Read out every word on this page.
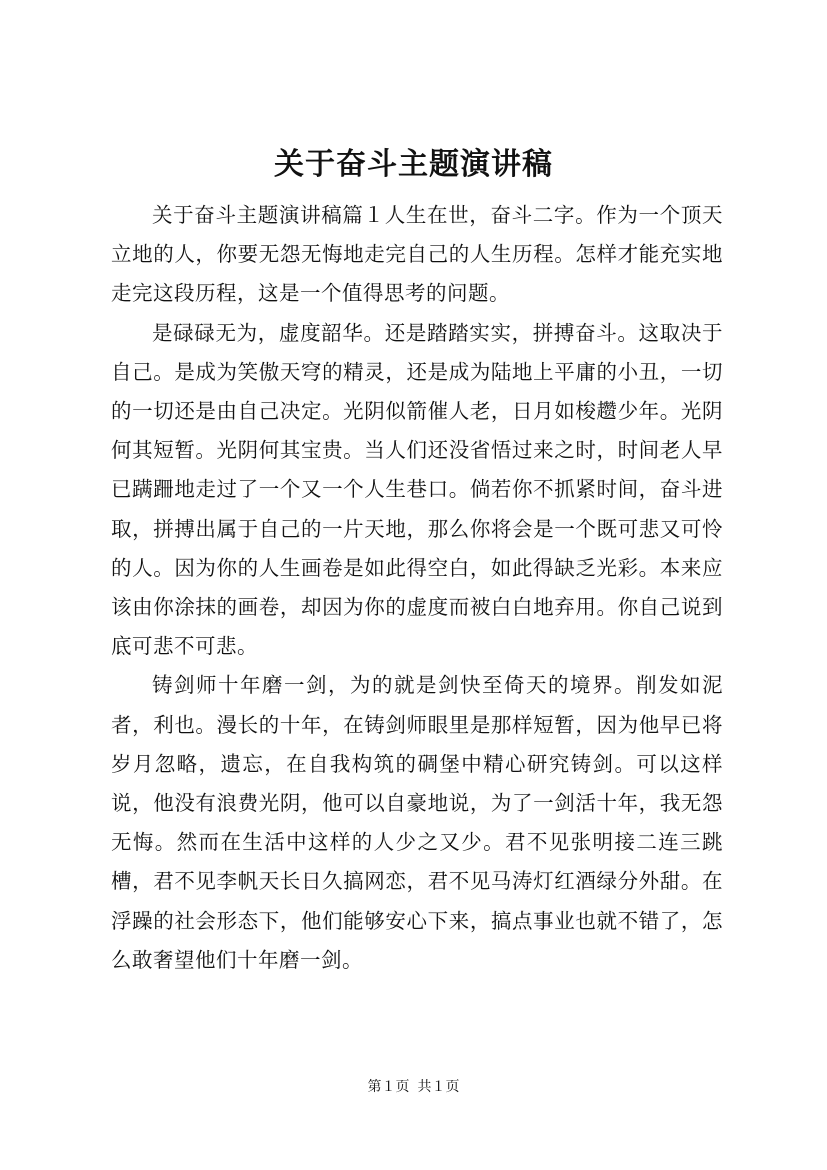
关于奋斗主题演讲稿

关于奋斗主题演讲稿篇１人生在世，奋斗二字。作为一个顶天立地的人，你要无怨无悔地走完自己的人生历程。怎样才能充实地走完这段历程，这是一个值得思考的问题。

是碌碌无为，虚度韶华。还是踏踏实实，拼搏奋斗。这取决于自己。是成为笑傲天穹的精灵，还是成为陆地上平庸的小丑，一切的一切还是由自己决定。光阴似箭催人老，日月如梭趱少年。光阴何其短暂。光阴何其宝贵。当人们还没省悟过来之时，时间老人早已蹒跚地走过了一个又一个人生巷口。倘若你不抓紧时间，奋斗进取，拼搏出属于自己的一片天地，那么你将会是一个既可悲又可怜的人。因为你的人生画卷是如此得空白，如此得缺乏光彩。本来应该由你涂抹的画卷，却因为你的虚度而被白白地弃用。你自己说到底可悲不可悲。

铸剑师十年磨一剑，为的就是剑快至倚天的境界。削发如泥者，利也。漫长的十年，在铸剑师眼里是那样短暂，因为他早已将岁月忽略，遗忘，在自我构筑的碉堡中精心研究铸剑。可以这样说，他没有浪费光阴，他可以自豪地说，为了一剑活十年，我无怨无悔。然而在生活中这样的人少之又少。君不见张明接二连三跳槽，君不见李帆天长日久搞网恋，君不见马涛灯红酒绿分外甜。在浮躁的社会形态下，他们能够安心下来，搞点事业也就不错了，怎么敢奢望他们十年磨一剑。

第１页 共１页
